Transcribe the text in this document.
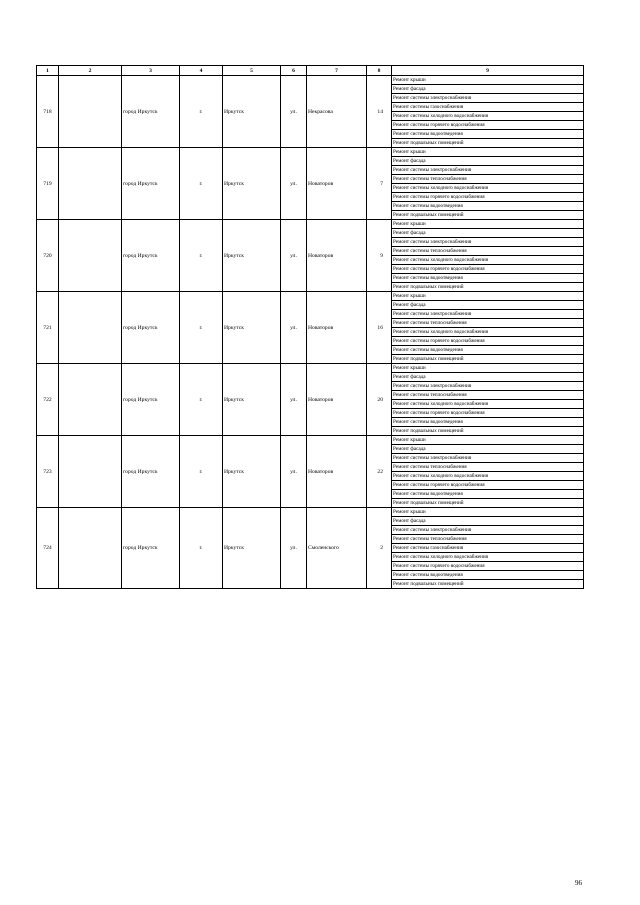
1	2	3	4	5	6	7	8	9
718		город Иркутск	г.	Иркутск	ул.	Некрасова	14	Ремонт крыши
								Ремонт фасада
								Ремонт системы электроснабжения
								Ремонт системы газоснабжения
								Ремонт системы холодного водоснабжения
								Ремонт системы горячего водоснабжения
								Ремонт системы водоотведения
								Ремонт подвальных помещений
719		город Иркутск	г.	Иркутск	ул.	Новаторов	7	Ремонт крыши
								Ремонт фасада
								Ремонт системы электроснабжения
								Ремонт системы теплоснабжения
								Ремонт системы холодного водоснабжения
								Ремонт системы горячего водоснабжения
								Ремонт системы водоотведения
								Ремонт подвальных помещений
720		город Иркутск	г.	Иркутск	ул.	Новаторов	9	Ремонт крыши
								Ремонт фасада
								Ремонт системы электроснабжения
								Ремонт системы теплоснабжения
								Ремонт системы холодного водоснабжения
								Ремонт системы горячего водоснабжения
								Ремонт системы водоотведения
								Ремонт подвальных помещений
721		город Иркутск	г.	Иркутск	ул.	Новаторов	16	Ремонт крыши
								Ремонт фасада
								Ремонт системы электроснабжения
								Ремонт системы теплоснабжения
								Ремонт системы холодного водоснабжения
								Ремонт системы горячего водоснабжения
								Ремонт системы водоотведения
								Ремонт подвальных помещений
722		город Иркутск	г.	Иркутск	ул.	Новаторов	20	Ремонт крыши
								Ремонт фасада
								Ремонт системы электроснабжения
								Ремонт системы теплоснабжения
								Ремонт системы холодного водоснабжения
								Ремонт системы горячего водоснабжения
								Ремонт системы водоотведения
								Ремонт подвальных помещений
723		город Иркутск	г.	Иркутск	ул.	Новаторов	22	Ремонт крыши
								Ремонт фасада
								Ремонт системы электроснабжения
								Ремонт системы теплоснабжения
								Ремонт системы холодного водоснабжения
								Ремонт системы горячего водоснабжения
								Ремонт системы водоотведения
								Ремонт подвальных помещений
724		город Иркутск	г.	Иркутск	ул.	Смоленского	2	Ремонт крыши
								Ремонт фасада
								Ремонт системы электроснабжения
								Ремонт системы теплоснабжения
								Ремонт системы газоснабжения
								Ремонт системы холодного водоснабжения
								Ремонт системы горячего водоснабжения
								Ремонт системы водоотведения
								Ремонт подвальных помещений
96
